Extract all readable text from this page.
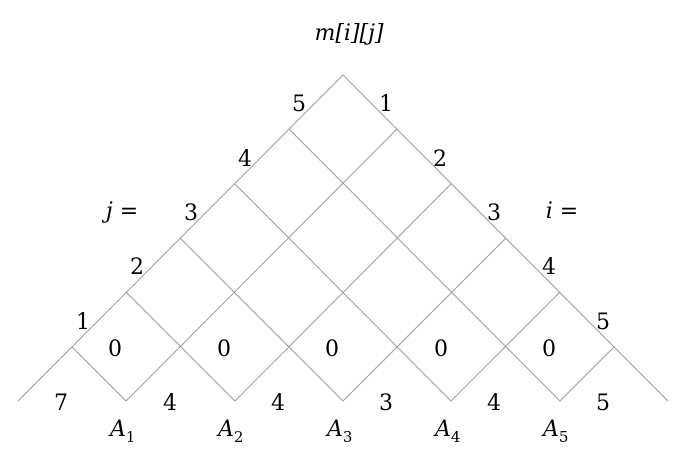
m[i][j]
j =	i =
1
2
3
4
5	1
2
3
4
5
0	0	0	0	0
7	4	4	3	4	5
$A_1$	$A_2$	$A_3$	$A_4$	$A_5$
